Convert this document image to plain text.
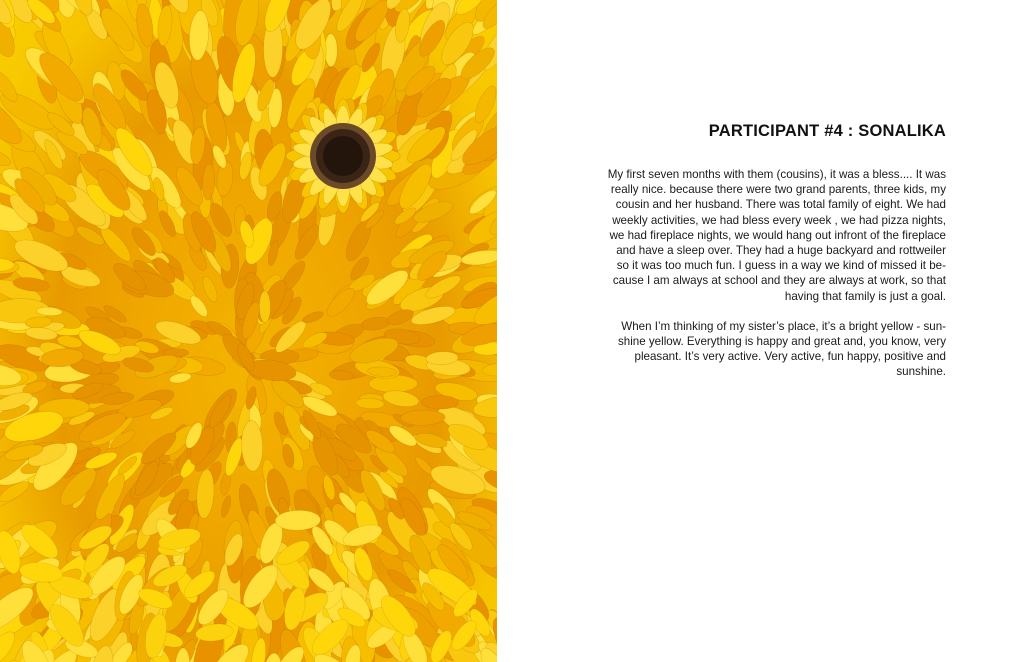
PARTICIPANT #4 : SONALIKA

My first seven months with them (cousins), it was a bless.... It was
really nice. because there were two grand parents, three kids, my
cousin and her husband. There was total family of eight. We had
weekly activities, we had bless every week , we had pizza nights,
we had fireplace nights, we would hang out infront of the fireplace
and have a sleep over. They had a huge backyard and rottweiler
so it was too much fun. I guess in a way we kind of missed it be-
cause I am always at school and they are always at work, so that
having that family is just a goal.

When I’m thinking of my sister’s place, it’s a bright yellow - sun-
shine yellow. Everything is happy and great and, you know, very
pleasant. It’s very active. Very active, fun happy, positive and
sunshine.
